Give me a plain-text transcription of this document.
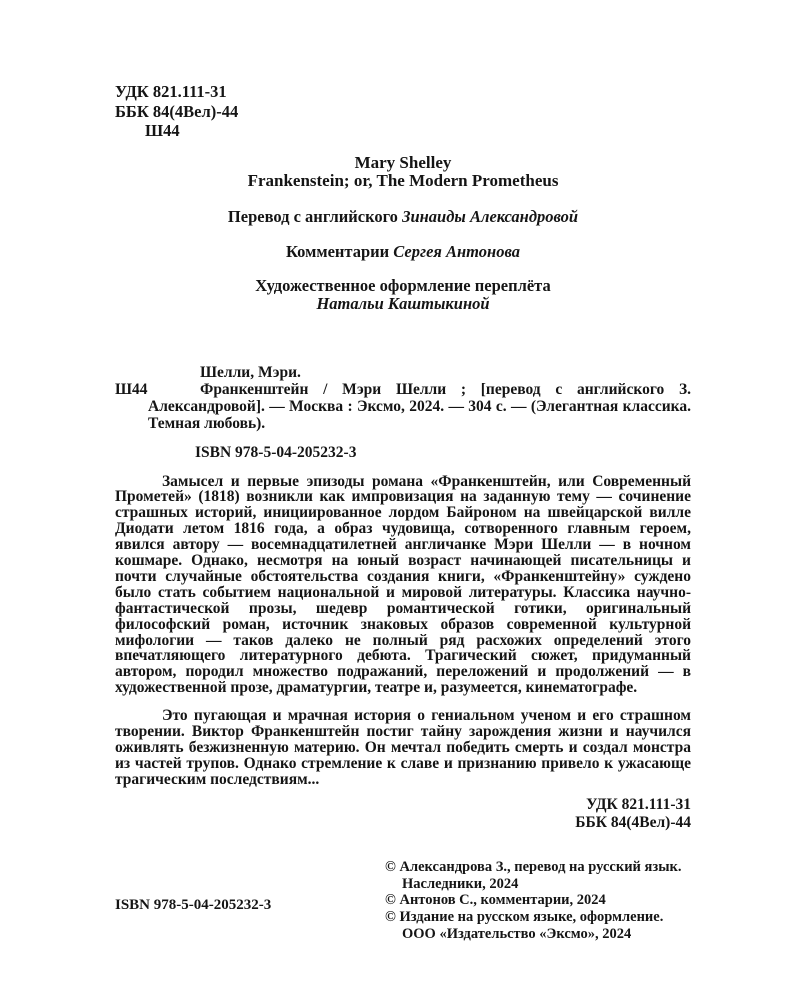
УДК 821.111-31

ББК 84(4Вел)-44

Ш44

Mary Shelley

Frankenstein; or, The Modern Prometheus

Перевод с английского Зинаиды Александровой

Комментарии Сергея Антонова

Художественное оформление переплёта

Натальи Каштыкиной

Ш44

Шелли, Мэри.

Франкенштейн / Мэри Шелли ; [перевод с английского З. Александровой]. — Москва : Эксмо, 2024. — 304 с. — (Элегантная классика. Темная любовь).

ISBN 978-5-04-205232-3

Замысел и первые эпизоды романа «Франкенштейн, или Современный Прометей» (1818) возникли как импровизация на заданную тему — сочинение страшных историй, инициированное лордом Байроном на швейцарской вилле Диодати летом 1816 года, а образ чудовища, сотворенного главным героем, явился автору — восемнадцатилетней англичанке Мэри Шелли — в ночном кошмаре. Однако, несмотря на юный возраст начинающей писательницы и почти случайные обстоятельства создания книги, «Франкенштейну» суждено было стать событием национальной и мировой литературы. Классика научно-фантастической прозы, шедевр романтической готики, оригинальный философский роман, источник знаковых образов современной культурной мифологии — таков далеко не полный ряд расхожих определений этого впечатляющего литературного дебюта. Трагический сюжет, придуманный автором, породил множество подражаний, переложений и продолжений — в художественной прозе, драматургии, театре и, разумеется, кинематографе.

Это пугающая и мрачная история о гениальном ученом и его страшном творении. Виктор Франкенштейн постиг тайну зарождения жизни и научился оживлять безжизненную материю. Он мечтал победить смерть и создал монстра из частей трупов. Однако стремление к славе и признанию привело к ужасающе трагическим последствиям...

УДК 821.111-31

ББК 84(4Вел)-44

ISBN 978-5-04-205232-3

© Александрова З., перевод на русский язык. Наследники, 2024

© Антонов С., комментарии, 2024

© Издание на русском языке, оформление. ООО «Издательство «Эксмо», 2024
